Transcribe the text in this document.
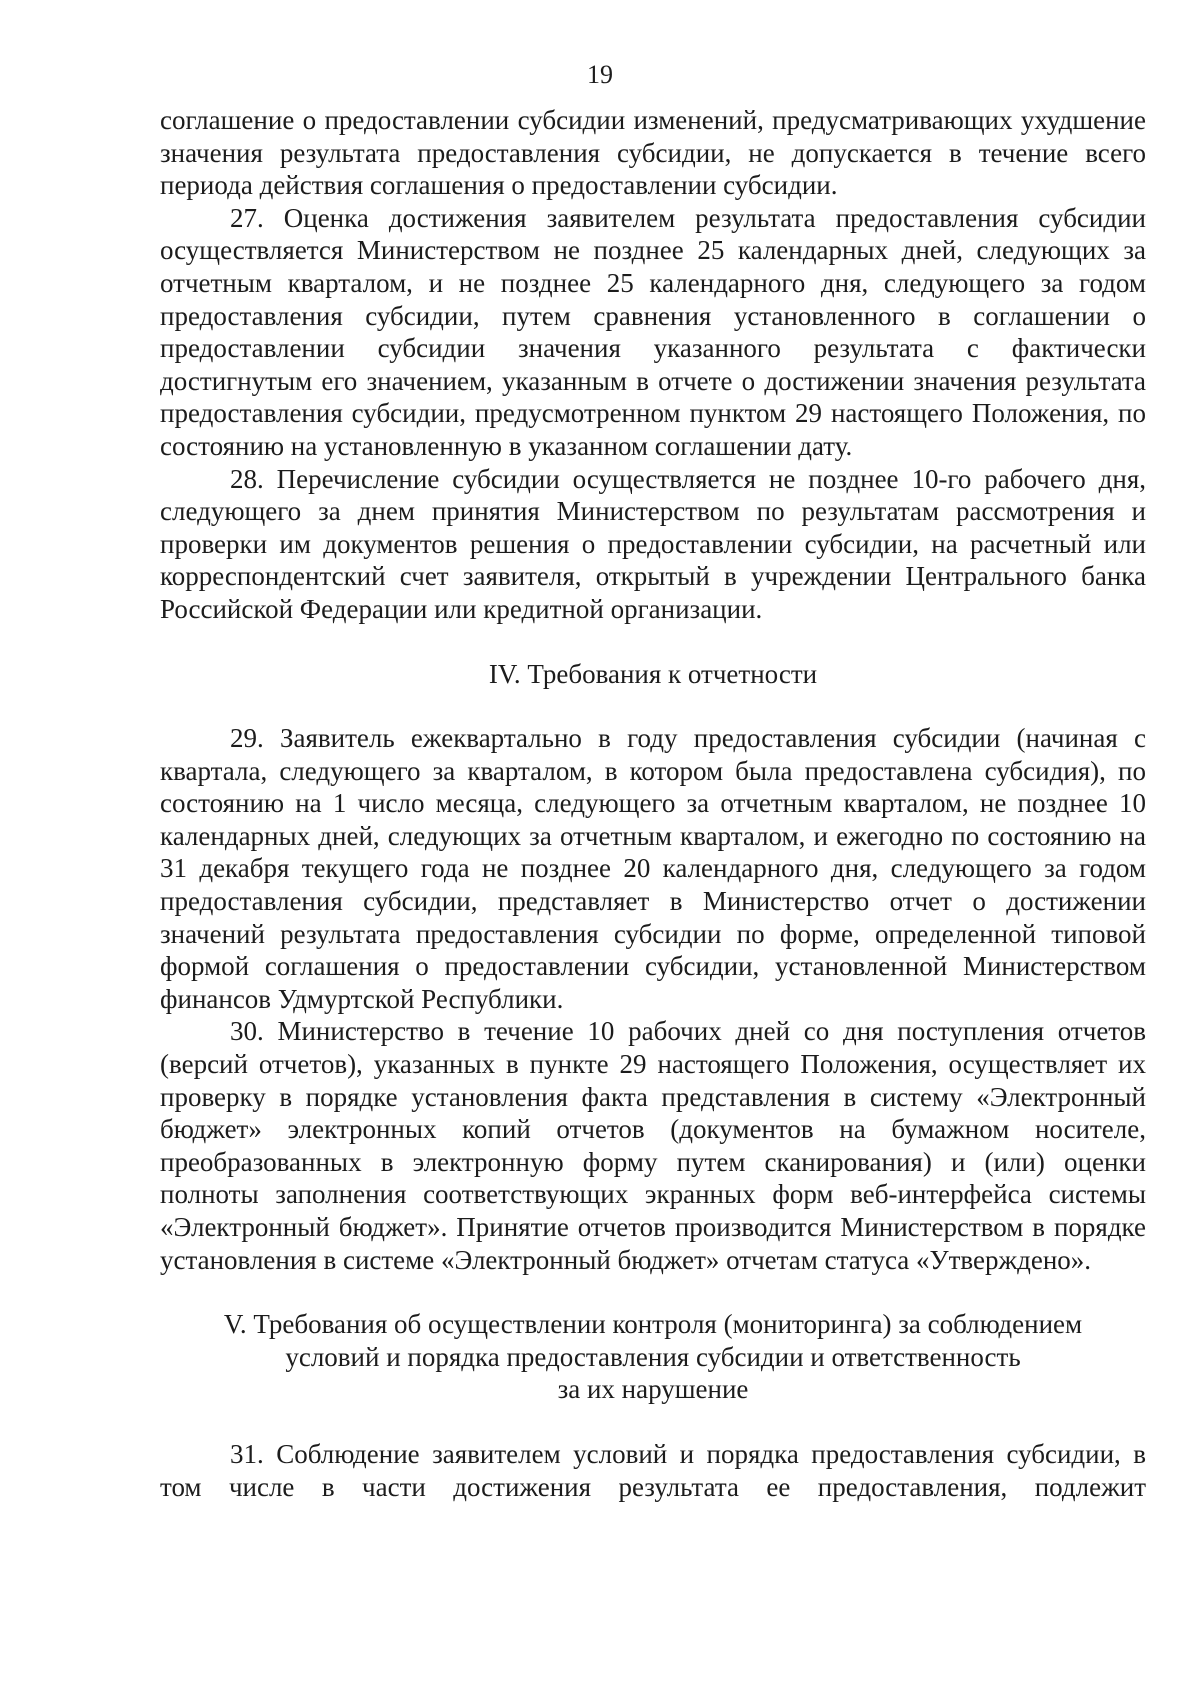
19

соглашение о предоставлении субсидии изменений, предусматривающих ухудшение значения результата предоставления субсидии, не допускается в течение всего периода действия соглашения о предоставлении субсидии.

27. Оценка достижения заявителем результата предоставления субсидии осуществляется Министерством не позднее 25 календарных дней, следующих за отчетным кварталом, и не позднее 25 календарного дня, следующего за годом предоставления субсидии, путем сравнения установленного в соглашении о предоставлении субсидии значения указанного результата с фактически достигнутым его значением, указанным в отчете о достижении значения результата предоставления субсидии, предусмотренном пунктом 29 настоящего Положения, по состоянию на установленную в указанном соглашении дату.

28. Перечисление субсидии осуществляется не позднее 10-го рабочего дня, следующего за днем принятия Министерством по результатам рассмотрения и проверки им документов решения о предоставлении субсидии, на расчетный или корреспондентский счет заявителя, открытый в учреждении Центрального банка Российской Федерации или кредитной организации.

IV. Требования к отчетности

29. Заявитель ежеквартально в году предоставления субсидии (начиная с квартала, следующего за кварталом, в котором была предоставлена субсидия), по состоянию на 1 число месяца, следующего за отчетным кварталом, не позднее 10 календарных дней, следующих за отчетным кварталом, и ежегодно по состоянию на 31 декабря текущего года не позднее 20 календарного дня, следующего за годом предоставления субсидии, представляет в Министерство отчет о достижении значений результата предоставления субсидии по форме, определенной типовой формой соглашения о предоставлении субсидии, установленной Министерством финансов Удмуртской Республики.

30. Министерство в течение 10 рабочих дней со дня поступления отчетов (версий отчетов), указанных в пункте 29 настоящего Положения, осуществляет их проверку в порядке установления факта представления в систему «Электронный бюджет» электронных копий отчетов (документов на бумажном носителе, преобразованных в электронную форму путем сканирования) и (или) оценки полноты заполнения соответствующих экранных форм веб-интерфейса системы «Электронный бюджет». Принятие отчетов производится Министерством в порядке установления в системе «Электронный бюджет» отчетам статуса «Утверждено».

V. Требования об осуществлении контроля (мониторинга) за соблюдением

условий и порядка предоставления субсидии и ответственность

за их нарушение

31. Соблюдение заявителем условий и порядка предоставления субсидии, в том числе в части достижения результата ее предоставления, подлежит
